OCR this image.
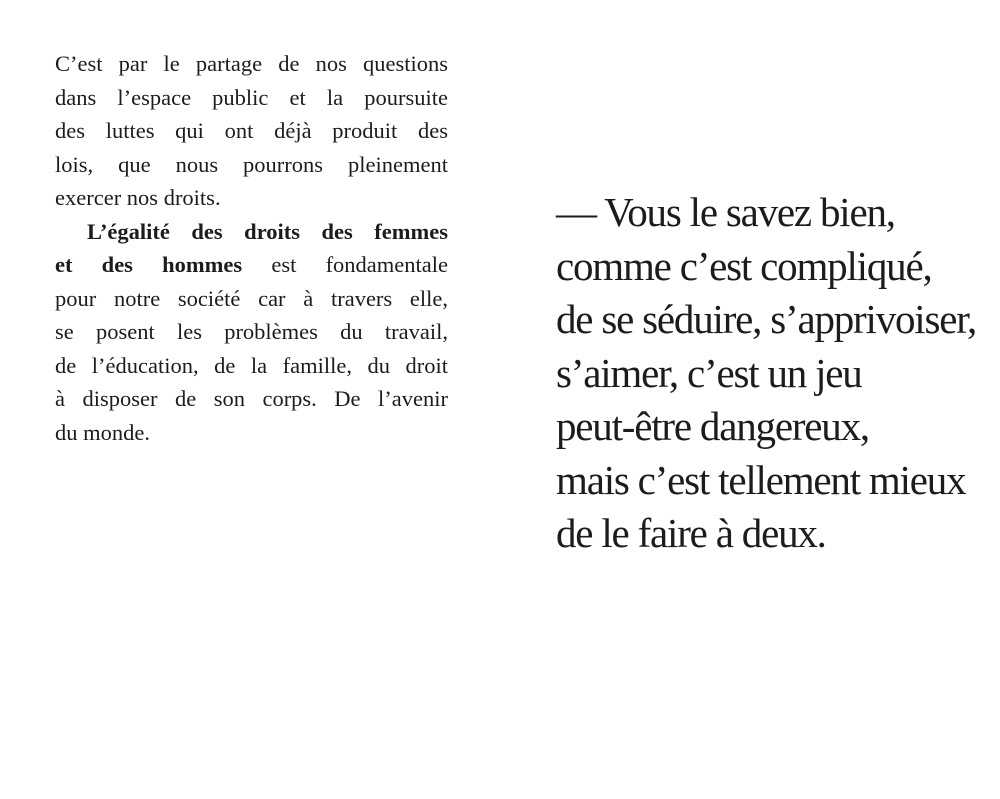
C’est par le partage de nos questions
dans l’espace public et la poursuite
des luttes qui ont déjà produit des
lois, que nous pourrons pleinement
exercer nos droits.

L’égalité des droits des femmes
et des hommes est fondamentale
pour notre société car à travers elle,
se posent les problèmes du travail,
de l’éducation, de la famille, du droit
à disposer de son corps. De l’avenir
du monde.

— Vous le savez bien,
comme c’est compliqué,
de se séduire, s’apprivoiser,
s’aimer, c’est un jeu
peut-être dangereux,
mais c’est tellement mieux
de le faire à deux.
